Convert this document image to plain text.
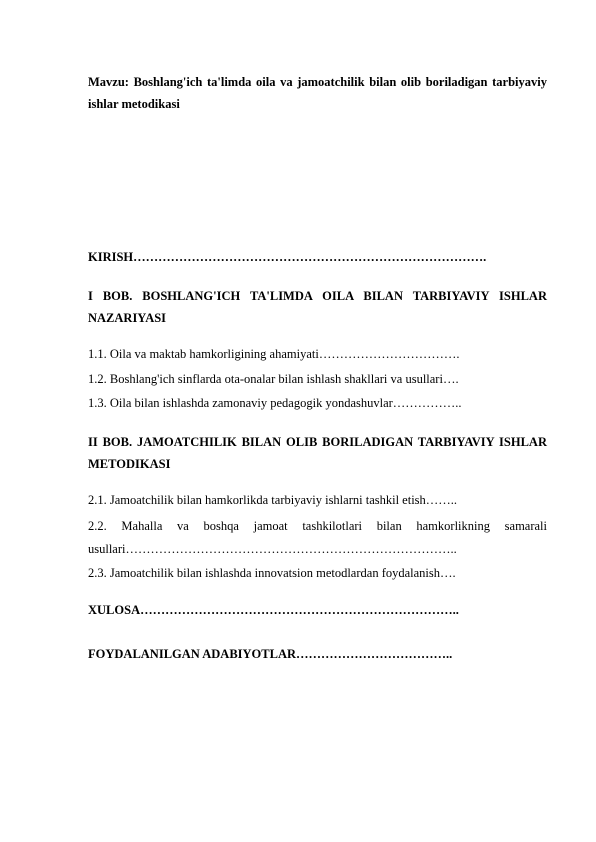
Mavzu: Boshlang'ich ta'limda oila va jamoatchilik bilan olib boriladigan tarbiyaviy ishlar metodikasi
KIRISH………………………………………………………………………….
I BOB. BOSHLANG'ICH TA'LIMDA OILA BILAN TARBIYAVIY ISHLAR NAZARIYASI
1.1. Oila va maktab hamkorligining ahamiyati…………………………….
1.2. Boshlang'ich sinflarda ota-onalar bilan ishlash shakllari va usullari….
1.3. Oila bilan ishlashda zamonaviy pedagogik yondashuvlar……………..
II BOB. JAMOATCHILIK BILAN OLIB BORILADIGAN TARBIYAVIY ISHLAR METODIKASI
2.1. Jamoatchilik bilan hamkorlikda tarbiyaviy ishlarni tashkil etish……..
2.2. Mahalla va boshqa jamoat tashkilotlari bilan hamkorlikning samarali usullari……………………………………………………………………..
2.3. Jamoatchilik bilan ishlashda innovatsion metodlardan foydalanish….
XULOSA…………………………………………………………………..
FOYDALANILGAN ADABIYOTLAR………………………………..
